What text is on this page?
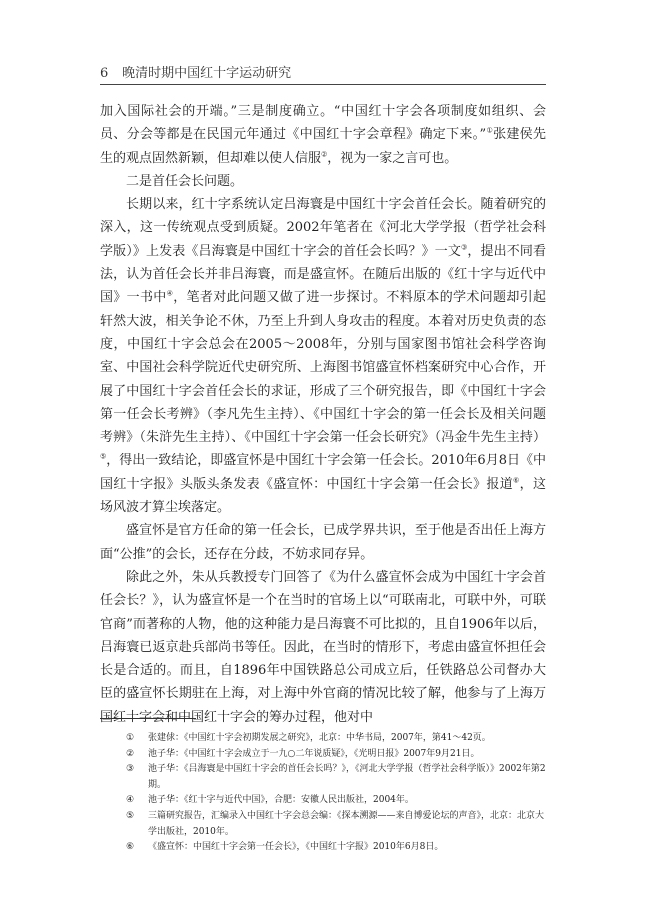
6 晚清时期中国红十字运动研究

加入国际社会的开端。”三是制度确立。“中国红十字会各项制度如组织、会员、分会等都是在民国元年通过《中国红十字会章程》确定下来。”①张建侯先生的观点固然新颖，但却难以使人信服②，视为一家之言可也。

二是首任会长问题。

长期以来，红十字系统认定吕海寰是中国红十字会首任会长。随着研究的深入，这一传统观点受到质疑。2002年笔者在《河北大学学报（哲学社会科学版）》上发表《吕海寰是中国红十字会的首任会长吗？》一文③，提出不同看法，认为首任会长并非吕海寰，而是盛宣怀。在随后出版的《红十字与近代中国》一书中④，笔者对此问题又做了进一步探讨。不料原本的学术问题却引起轩然大波，相关争论不休，乃至上升到人身攻击的程度。本着对历史负责的态度，中国红十字会总会在2005～2008年，分别与国家图书馆社会科学咨询室、中国社会科学院近代史研究所、上海图书馆盛宣怀档案研究中心合作，开展了中国红十字会首任会长的求证，形成了三个研究报告，即《中国红十字会第一任会长考辨》（李凡先生主持）、《中国红十字会的第一任会长及相关问题考辨》（朱浒先生主持）、《中国红十字会第一任会长研究》（冯金牛先生主持）⑤，得出一致结论，即盛宣怀是中国红十字会第一任会长。2010年6月8日《中国红十字报》头版头条发表《盛宣怀：中国红十字会第一任会长》报道⑥，这场风波才算尘埃落定。

盛宣怀是官方任命的第一任会长，已成学界共识，至于他是否出任上海方面“公推”的会长，还存在分歧，不妨求同存异。

除此之外，朱从兵教授专门回答了《为什么盛宣怀会成为中国红十字会首任会长？》，认为盛宣怀是一个在当时的官场上以“可联南北，可联中外，可联官商”而著称的人物，他的这种能力是吕海寰不可比拟的，且自1906年以后，吕海寰已返京赴兵部尚书等任。因此，在当时的情形下，考虑由盛宣怀担任会长是合适的。而且，自1896年中国铁路总公司成立后，任铁路总公司督办大臣的盛宣怀长期驻在上海，对上海中外官商的情况比较了解，他参与了上海万国红十字会和中国红十字会的筹办过程，他对中

① 张建俅：《中国红十字会初期发展之研究》，北京：中华书局，2007年，第41～42页。
② 池子华：《中国红十字会成立于一九○二年说质疑》，《光明日报》2007年9月21日。
③ 池子华：《吕海寰是中国红十字会的首任会长吗？》，《河北大学学报（哲学社会科学版）》2002年第2期。
④ 池子华：《红十字与近代中国》，合肥：安徽人民出版社，2004年。
⑤ 三篇研究报告，汇编录入中国红十字会总会编：《探本溯源——来自博爱论坛的声音》，北京：北京大学出版社，2010年。
⑥ 《盛宣怀：中国红十字会第一任会长》，《中国红十字报》2010年6月8日。
